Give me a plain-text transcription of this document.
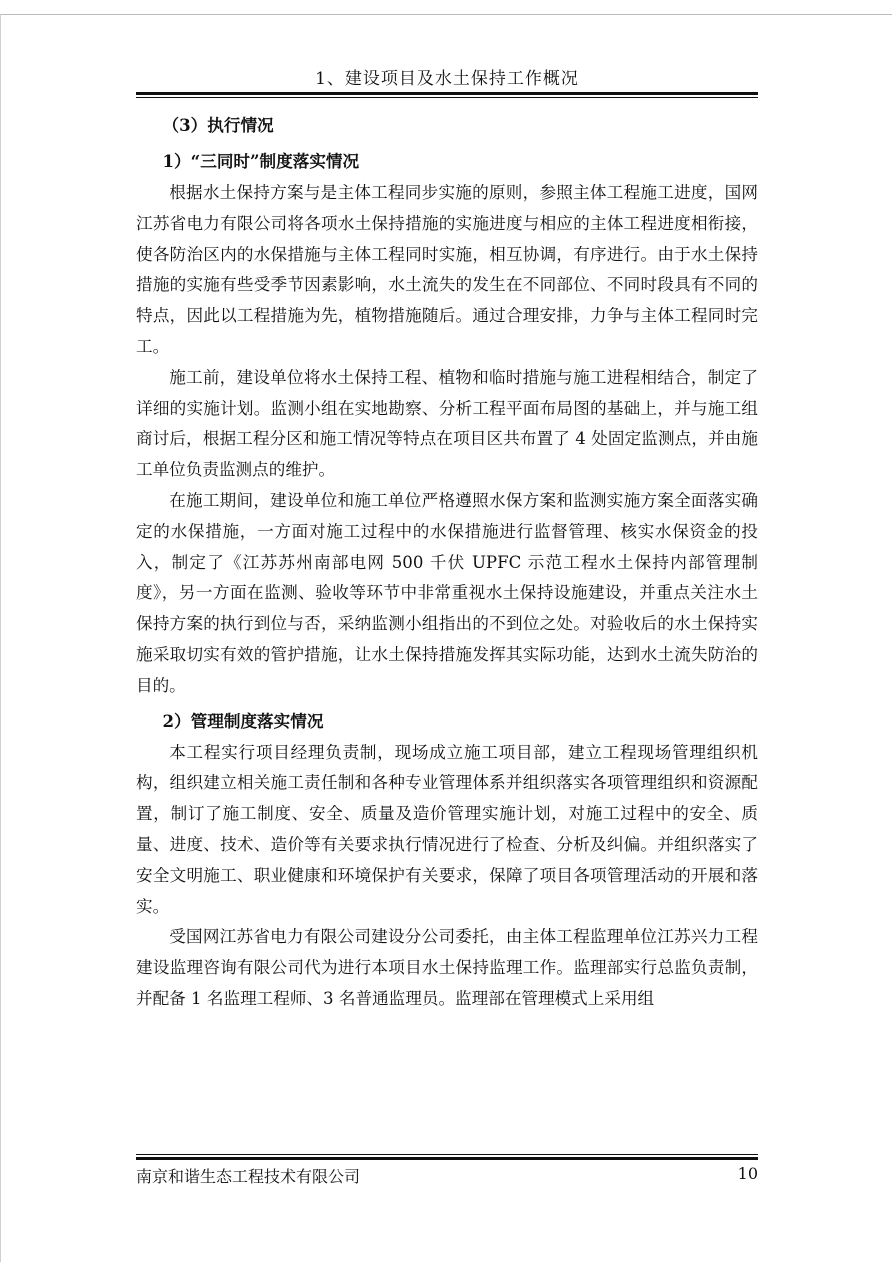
1、建设项目及水土保持工作概况
（3）执行情况
1）“三同时”制度落实情况

根据水土保持方案与是主体工程同步实施的原则，参照主体工程施工进度，国网江苏省电力有限公司将各项水土保持措施的实施进度与相应的主体工程进度相衔接，使各防治区内的水保措施与主体工程同时实施，相互协调，有序进行。由于水土保持措施的实施有些受季节因素影响，水土流失的发生在不同部位、不同时段具有不同的特点，因此以工程措施为先，植物措施随后。通过合理安排，力争与主体工程同时完工。

施工前，建设单位将水土保持工程、植物和临时措施与施工进程相结合，制定了详细的实施计划。监测小组在实地勘察、分析工程平面布局图的基础上，并与施工组商讨后，根据工程分区和施工情况等特点在项目区共布置了 4 处固定监测点，并由施工单位负责监测点的维护。

在施工期间，建设单位和施工单位严格遵照水保方案和监测实施方案全面落实确定的水保措施，一方面对施工过程中的水保措施进行监督管理、核实水保资金的投入，制定了《江苏苏州南部电网 500 千伏 UPFC 示范工程水土保持内部管理制度》，另一方面在监测、验收等环节中非常重视水土保持设施建设，并重点关注水土保持方案的执行到位与否，采纳监测小组指出的不到位之处。对验收后的水土保持实施采取切实有效的管护措施，让水土保持措施发挥其实际功能，达到水土流失防治的目的。

2）管理制度落实情况

本工程实行项目经理负责制，现场成立施工项目部，建立工程现场管理组织机构，组织建立相关施工责任制和各种专业管理体系并组织落实各项管理组织和资源配置，制订了施工制度、安全、质量及造价管理实施计划，对施工过程中的安全、质量、进度、技术、造价等有关要求执行情况进行了检查、分析及纠偏。并组织落实了安全文明施工、职业健康和环境保护有关要求，保障了项目各项管理活动的开展和落实。

受国网江苏省电力有限公司建设分公司委托，由主体工程监理单位江苏兴力工程建设监理咨询有限公司代为进行本项目水土保持监理工作。监理部实行总监负责制，并配备 1 名监理工程师、3 名普通监理员。监理部在管理模式上采用组

南京和谐生态工程技术有限公司	10
